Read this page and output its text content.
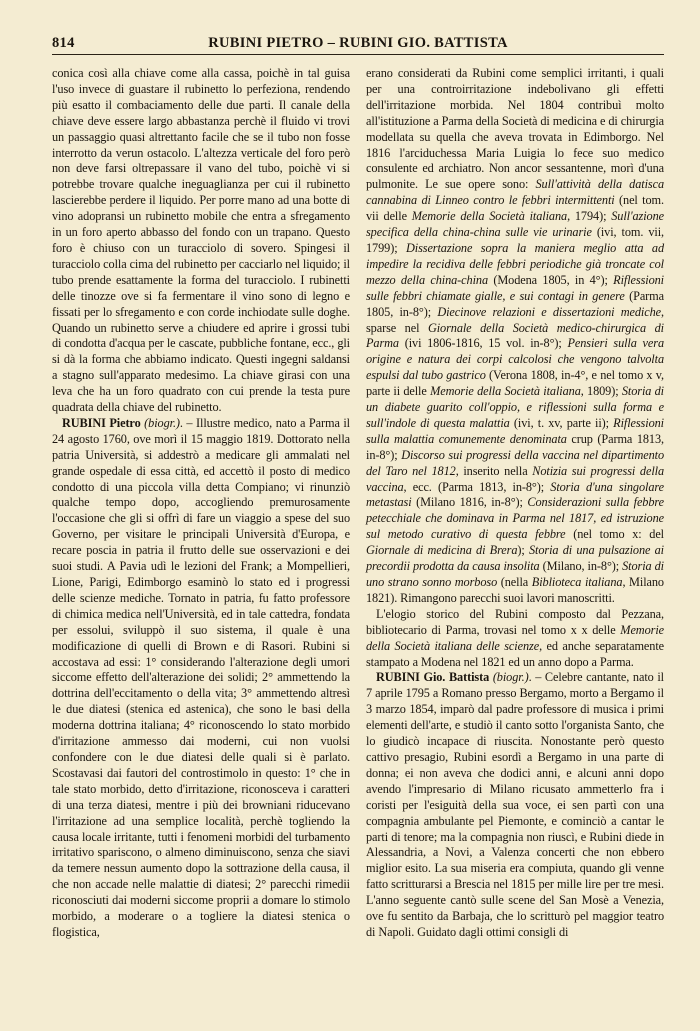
814	RUBINI PIETRO – RUBINI GIO. BATTISTA

conica così alla chiave come alla cassa, poichè in tal guisa l'uso invece di guastare il rubinetto lo perfeziona, rendendo più esatto il combaciamento delle due parti. Il canale della chiave deve essere largo abbastanza perchè il fluido vi trovi un passaggio quasi altrettanto facile che se il tubo non fosse interrotto da verun ostacolo. L'altezza verticale del foro però non deve farsi oltrepassare il vano del tubo, poichè vi si potrebbe trovare qualche ineguaglianza per cui il rubinetto lascierebbe perdere il liquido. Per porre mano ad una botte di vino adopransi un rubinetto mobile che entra a sfregamento in un foro aperto abbasso del fondo con un trapano. Questo foro è chiuso con un turacciolo di sovero. Spingesi il turacciolo colla cima del rubinetto per cacciarlo nel liquido; il tubo prende esattamente la forma del turacciolo. I rubinetti delle tinozze ove si fa fermentare il vino sono di legno e fissati per lo sfregamento e con corde inchiodate sulle doghe. Quando un rubinetto serve a chiudere ed aprire i grossi tubi di condotta d'acqua per le cascate, pubbliche fontane, ecc., gli si dà la forma che abbiamo indicato. Questi ingegni saldansi a stagno sull'apparato medesimo. La chiave girasi con una leva che ha un foro quadrato con cui prende la testa pure quadrata della chiave del rubinetto.

RUBINI Pietro (biogr.). – Illustre medico, nato a Parma il 24 agosto 1760, ove morì il 15 maggio 1819. Dottorato nella patria Università, si addestrò a medicare gli ammalati nel grande ospedale di essa città, ed accettò il posto di medico condotto di una piccola villa detta Compiano; vi rinunziò qualche tempo dopo, accogliendo premurosamente l'occasione che gli si offrì di fare un viaggio a spese del suo Governo, per visitare le principali Università d'Europa, e recare poscia in patria il frutto delle sue osservazioni e dei suoi studi. A Pavia udì le lezioni del Frank; a Mompellieri, Lione, Parigi, Edimborgo esaminò lo stato ed i progressi delle scienze mediche. Tornato in patria, fu fatto professore di chimica medica nell'Università, ed in tale cattedra, fondata per essolui, sviluppò il suo sistema, il quale è una modificazione di quelli di Brown e di Rasori. Rubini si accostava ad essi: 1° considerando l'alterazione degli umori siccome effetto dell'alterazione dei solidi; 2° ammettendo la dottrina dell'eccitamento o della vita; 3° ammettendo altresì le due diatesi (stenica ed astenica), che sono le basi della moderna dottrina italiana; 4° riconoscendo lo stato morbido d'irritazione ammesso dai moderni, cui non vuolsi confondere con le due diatesi delle quali si è parlato. Scostavasi dai fautori del controstimolo in questo: 1° che in tale stato morbido, detto d'irritazione, riconosceva i caratteri di una terza diatesi, mentre i più dei browniani riducevano l'irritazione ad una semplice località, perchè togliendo la causa locale irritante, tutti i fenomeni morbidi del turbamento irritativo spariscono, o almeno diminuiscono, senza che siavi da temere nessun aumento dopo la sottrazione della causa, il che non accade nelle malattie di diatesi; 2° parecchi rimedii riconosciuti dai moderni siccome proprii a domare lo stimolo morbido, a moderare o a togliere la diatesi stenica o flogistica,

erano considerati da Rubini come semplici irritanti, i quali per una controirritazione indebolivano gli effetti dell'irritazione morbida. Nel 1804 contribuì molto all'istituzione a Parma della Società di medicina e di chirurgia modellata su quella che aveva trovata in Edimborgo. Nel 1816 l'arciduchessa Maria Luigia lo fece suo medico consulente ed archiatro. Non ancor sessantenne, morì d'una pulmonite. Le sue opere sono: Sull'attività della datisca cannabina di Linneo contro le febbri intermittenti (nel tom. vii delle Memorie della Società italiana, 1794); Sull'azione specifica della china-china sulle vie urinarie (ivi, tom. vii, 1799); Dissertazione sopra la maniera meglio atta ad impedire la recidiva delle febbri periodiche già troncate col mezzo della china-china (Modena 1805, in 4°); Riflessioni sulle febbri chiamate gialle, e sui contagi in genere (Parma 1805, in-8°); Diecinove relazioni e dissertazioni mediche, sparse nel Giornale della Società medico-chirurgica di Parma (ivi 1806-1816, 15 vol. in-8°); Pensieri sulla vera origine e natura dei corpi calcolosi che vengono talvolta espulsi dal tubo gastrico (Verona 1808, in-4°, e nel tomo x v, parte ii delle Memorie della Società italiana, 1809); Storia di un diabete guarito coll'oppio, e riflessioni sulla forma e sull'indole di questa malattia (ivi, t. xv, parte ii); Riflessioni sulla malattia comunemente denominata crup (Parma 1813, in-8°); Discorso sui progressi della vaccina nel dipartimento del Taro nel 1812, inserito nella Notizia sui progressi della vaccina, ecc. (Parma 1813, in-8°); Storia d'una singolare metastasi (Milano 1816, in-8°); Considerazioni sulla febbre petecchiale che dominava in Parma nel 1817, ed istruzione sul metodo curativo di questa febbre (nel tomo x: del Giornale di medicina di Brera); Storia di una pulsazione ai precordii prodotta da causa insolita (Milano, in-8°); Storia di uno strano sonno morboso (nella Biblioteca italiana, Milano 1821). Rimangono parecchi suoi lavori manoscritti.

L'elogio storico del Rubini composto dal Pezzana, bibliotecario di Parma, trovasi nel tomo x x delle Memorie della Società italiana delle scienze, ed anche separatamente stampato a Modena nel 1821 ed un anno dopo a Parma.

RUBINI Gio. Battista (biogr.). – Celebre cantante, nato il 7 aprile 1795 a Romano presso Bergamo, morto a Bergamo il 3 marzo 1854, imparò dal padre professore di musica i primi elementi dell'arte, e studiò il canto sotto l'organista Santo, che lo giudicò incapace di riuscita. Nonostante però questo cattivo presagio, Rubini esordì a Bergamo in una parte di donna; ei non aveva che dodici anni, e alcuni anni dopo avendo l'impresario di Milano ricusato ammetterlo fra i coristi per l'esiguità della sua voce, ei sen partì con una compagnia ambulante pel Piemonte, e cominciò a cantar le parti di tenore; ma la compagnia non riuscì, e Rubini diede in Alessandria, a Novi, a Valenza concerti che non ebbero miglior esito. La sua miseria era compiuta, quando gli venne fatto scritturarsi a Brescia nel 1815 per mille lire per tre mesi. L'anno seguente cantò sulle scene del San Mosè a Venezia, ove fu sentito da Barbaja, che lo scritturò pel maggior teatro di Napoli. Guidato dagli ottimi consigli di
